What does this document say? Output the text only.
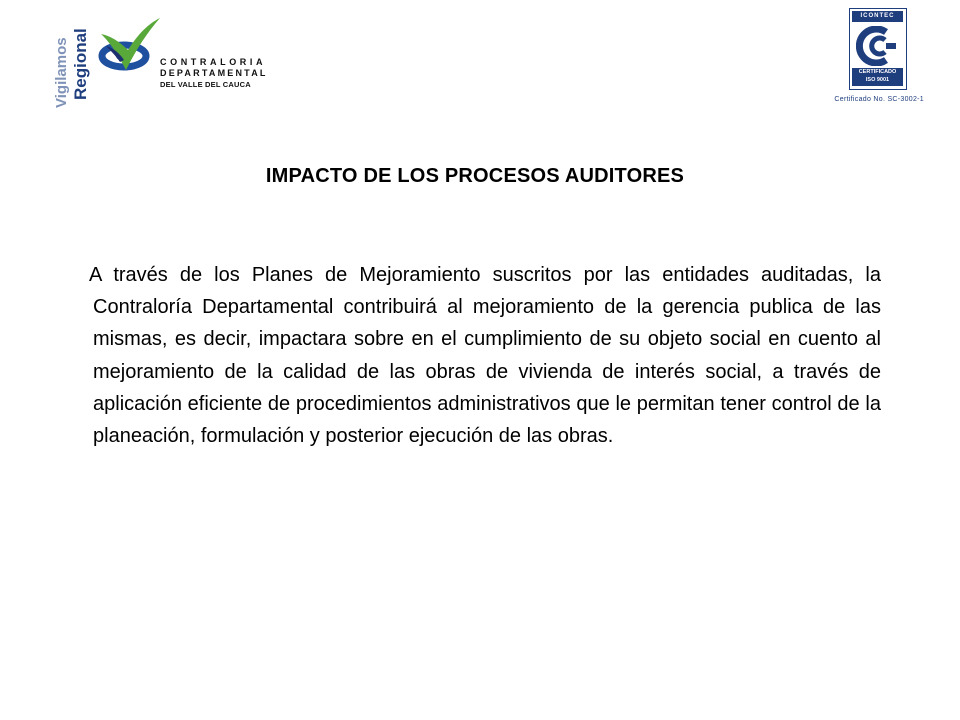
Vigilamos Regional	CONTRALORIA
DEPARTAMENTAL
DEL VALLE DEL CAUCA
ICONTEC
CERTIFICADO
ISO 9001
Certificado No. SC-3002-1
IMPACTO DE LOS PROCESOS AUDITORES
A través de los Planes de Mejoramiento suscritos por las entidades auditadas, la Contraloría Departamental contribuirá al mejoramiento de la gerencia publica de las mismas, es decir, impactara sobre en el cumplimiento de su objeto social en cuento al mejoramiento de la calidad de las obras de vivienda de interés social, a través de aplicación eficiente de procedimientos administrativos que le permitan tener control de la planeación, formulación y posterior ejecución de las obras.
